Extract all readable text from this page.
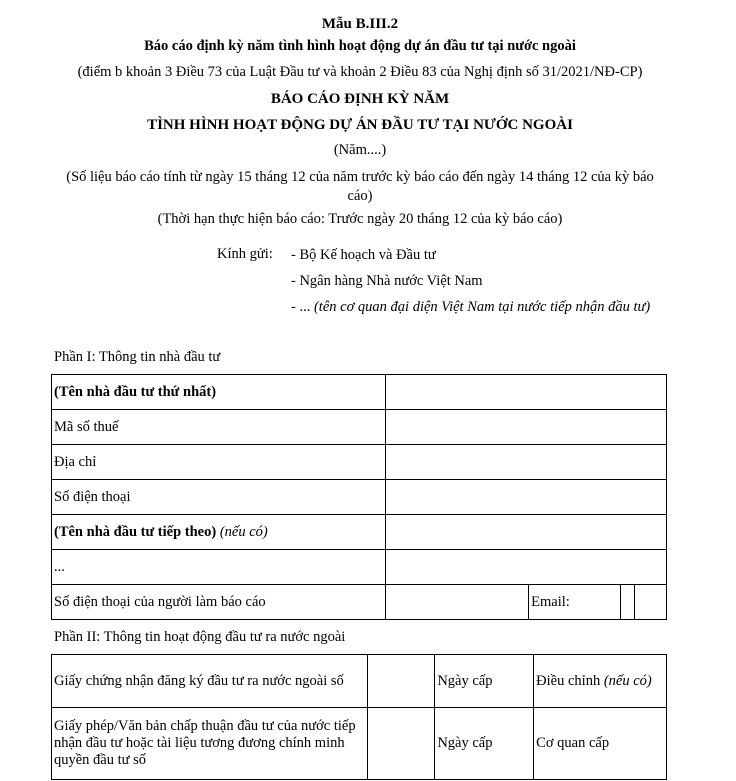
Mẫu B.III.2
Báo cáo định kỳ năm tình hình hoạt động dự án đầu tư tại nước ngoài
(điểm b khoản 3 Điều 73 của Luật Đầu tư và khoản 2 Điều 83 của Nghị định số 31/2021/NĐ-CP)
BÁO CÁO ĐỊNH KỲ NĂM
TÌNH HÌNH HOẠT ĐỘNG DỰ ÁN ĐẦU TƯ TẠI NƯỚC NGOÀI
(Năm....)
(Số liệu báo cáo tính từ ngày 15 tháng 12 của năm trước kỳ báo cáo đến ngày 14 tháng 12 của kỳ báo cáo)
(Thời hạn thực hiện báo cáo: Trước ngày 20 tháng 12 của kỳ báo cáo)
Kính gửi: - Bộ Kế hoạch và Đầu tư
- Ngân hàng Nhà nước Việt Nam
- ... (tên cơ quan đại diện Việt Nam tại nước tiếp nhận đầu tư)
Phần I: Thông tin nhà đầu tư
(Tên nhà đầu tư thứ nhất)				
Mã số thuế				
Địa chỉ				
Số điện thoại				
(Tên nhà đầu tư tiếp theo) (nếu có)				
...				
Số điện thoại của người làm báo cáo		Email:		
Phần II: Thông tin hoạt động đầu tư ra nước ngoài
Giấy chứng nhận đăng ký đầu tư ra nước ngoài số		Ngày cấp	Điều chỉnh (nếu có)
Giấy phép/Văn bản chấp thuận đầu tư của nước tiếp nhận đầu tư hoặc tài liệu tương đương chính minh quyền đầu tư số		Ngày cấp	Cơ quan cấp
